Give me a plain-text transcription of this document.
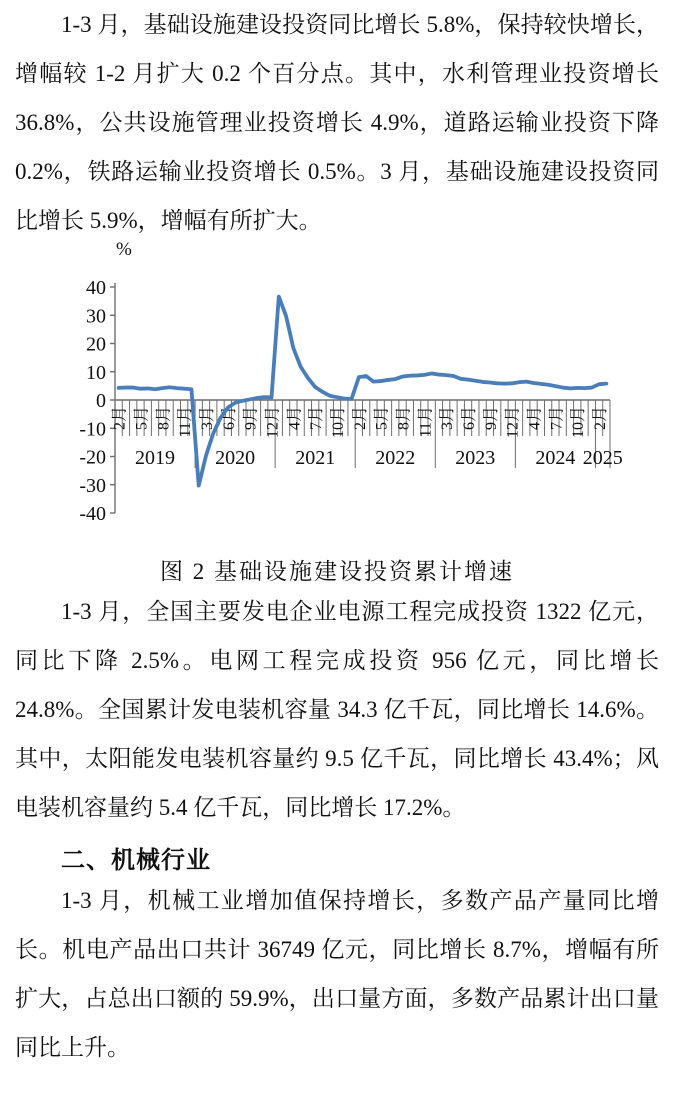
1-3 月，基础设施建设投资同比增长 5.8%，保持较快增长，增幅较 1-2 月扩大 0.2 个百分点。其中，水利管理业投资增长 36.8%，公共设施管理业投资增长 4.9%，道路运输业投资下降 0.2%，铁路运输业投资增长 0.5%。3 月，基础设施建设投资同比增长 5.9%，增幅有所扩大。

%
40
30
20
10
0
-10
-20
-30
-40
2月 5月 8月 11月 3月 6月 9月 12月 4月 7月 10月 2月 5月 8月 11月 3月 6月 9月 12月 4月 7月 10月 2月
2019 2020 2021 2022 2023 2024 2025
图 2 基础设施建设投资累计增速

1-3 月，全国主要发电企业电源工程完成投资 1322 亿元，同比下降 2.5%。电网工程完成投资 956 亿元，同比增长 24.8%。全国累计发电装机容量 34.3 亿千瓦，同比增长 14.6%。其中，太阳能发电装机容量约 9.5 亿千瓦，同比增长 43.4%；风电装机容量约 5.4 亿千瓦，同比增长 17.2%。

二、机械行业

1-3 月，机械工业增加值保持增长，多数产品产量同比增长。机电产品出口共计 36749 亿元，同比增长 8.7%，增幅有所扩大，占总出口额的 59.9%，出口量方面，多数产品累计出口量同比上升。
